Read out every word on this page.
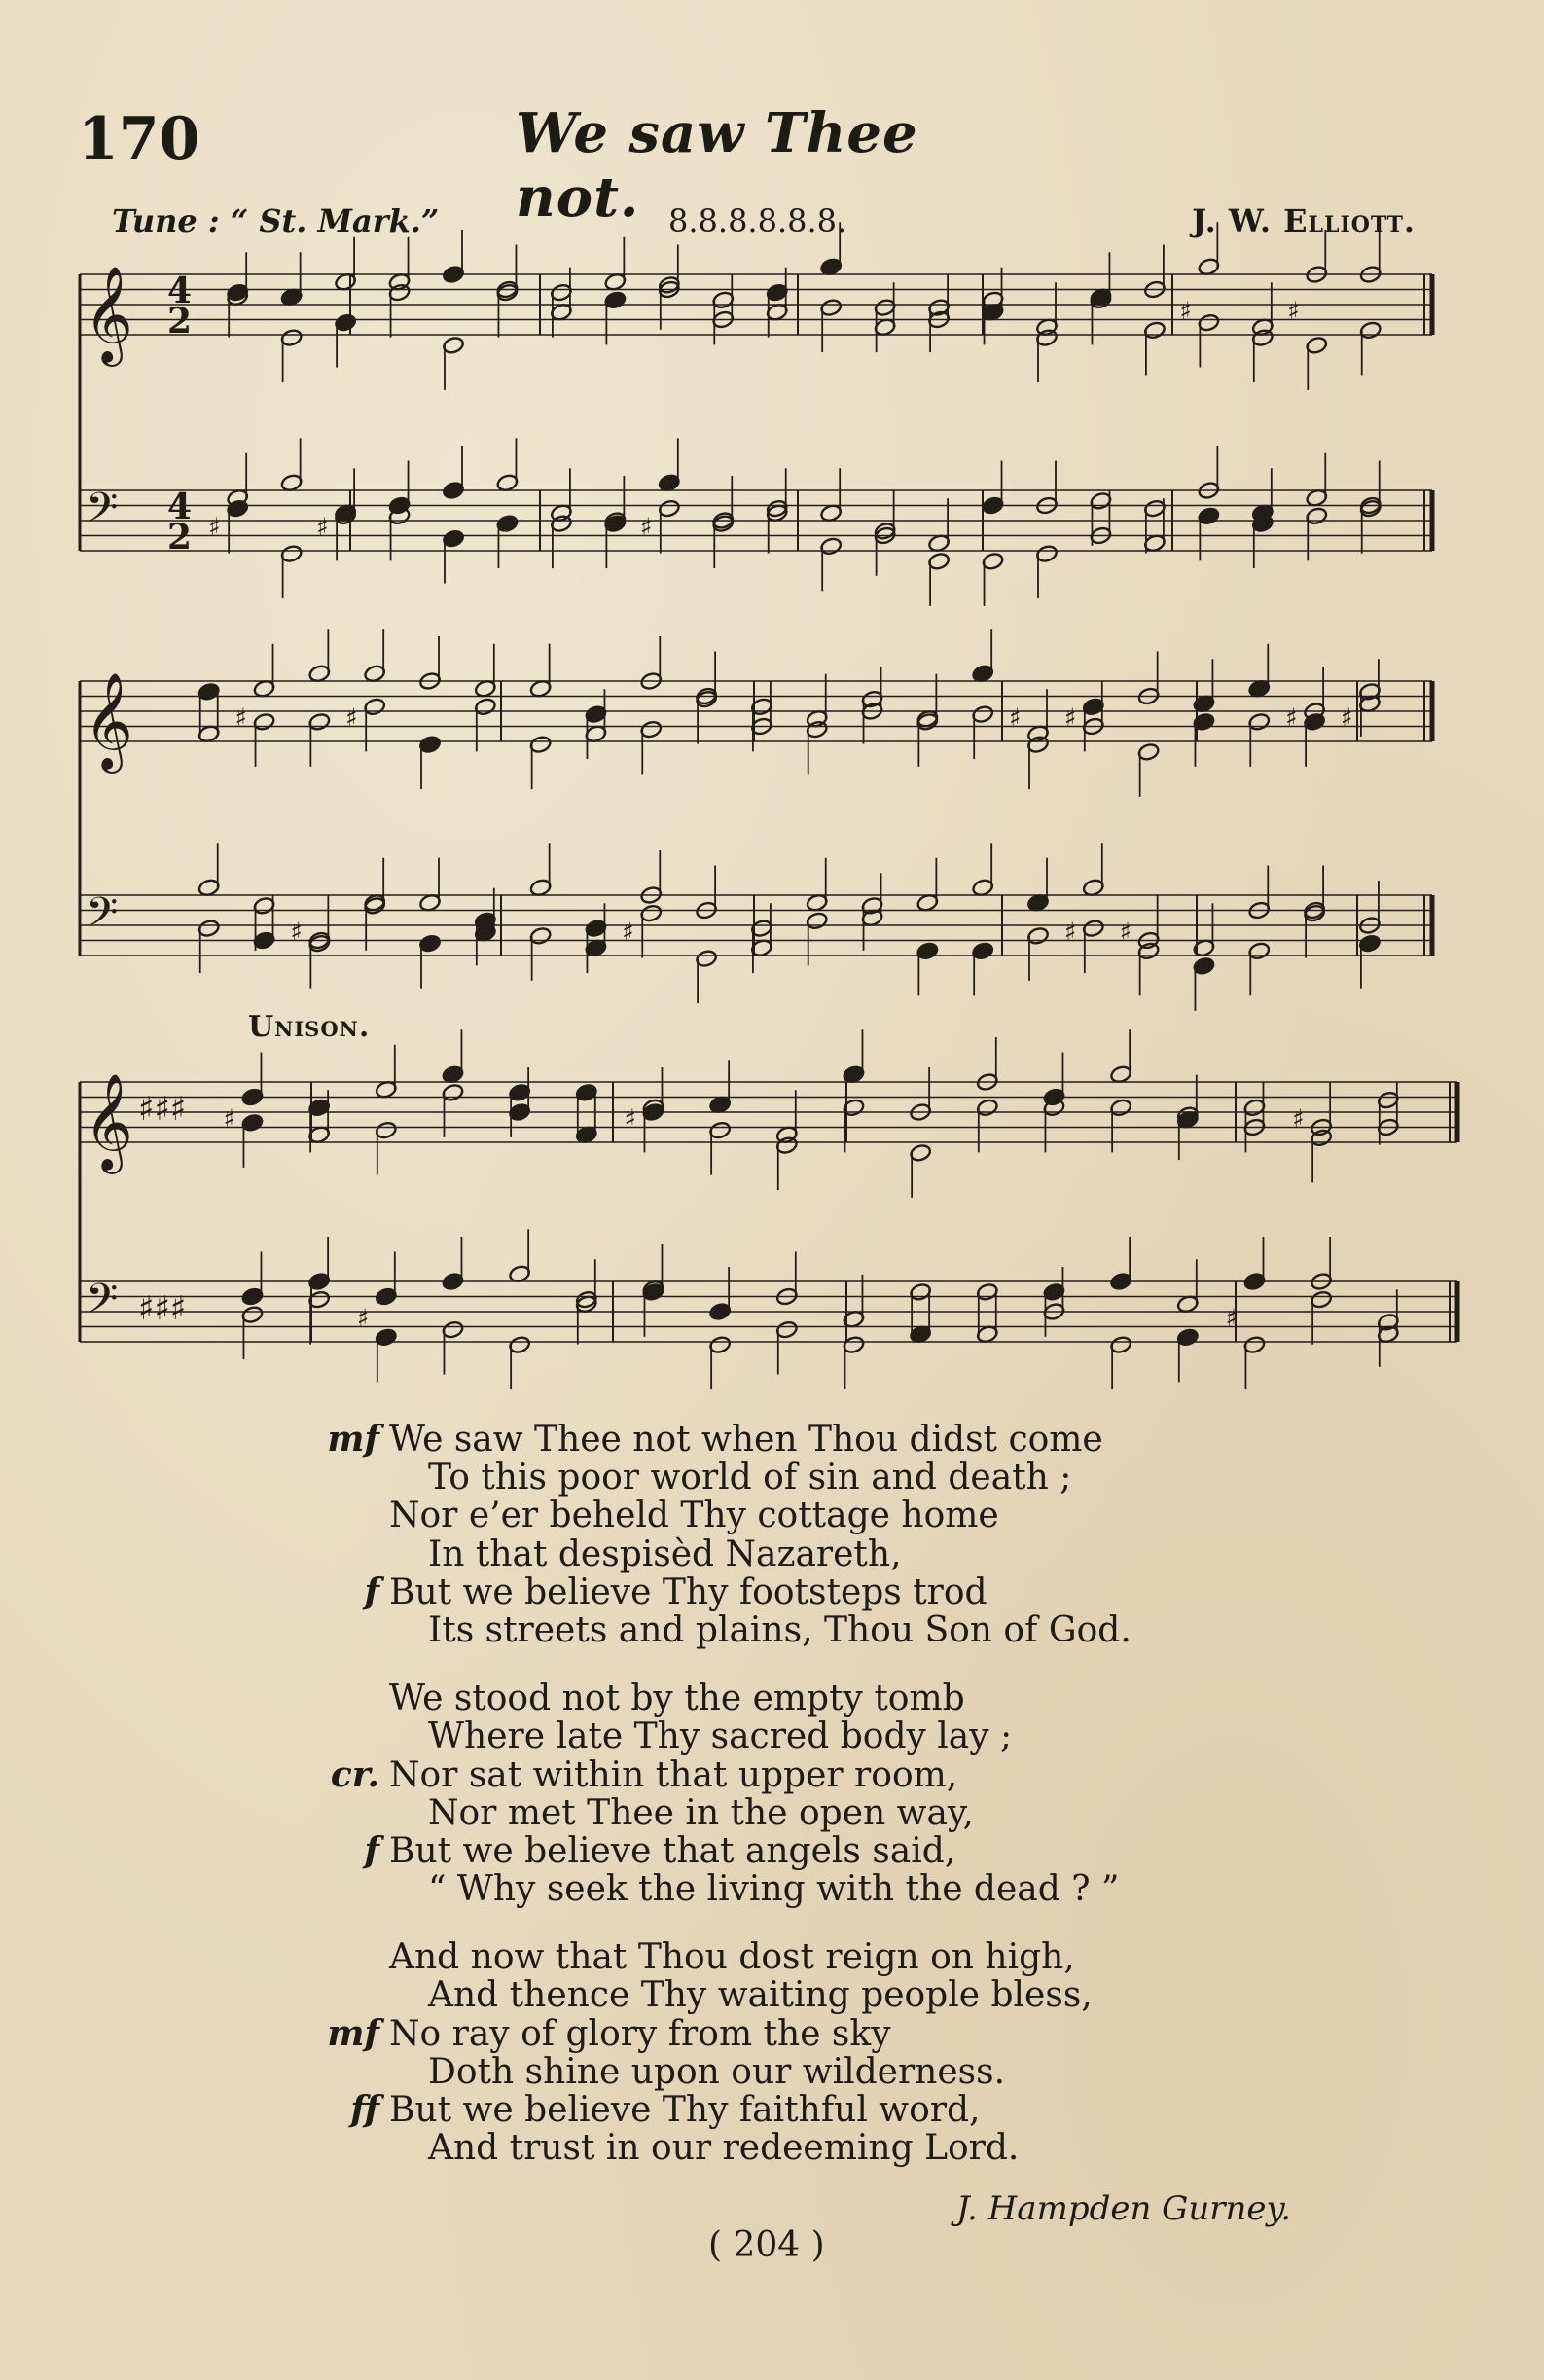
170	We saw Thee not.
Tune : “ St. Mark.”	8.8.8.8.8.8.	J. W. Elliott.
𝄞 4
2
𝄢 4
2
♯	♯
♯	♯	♯
𝄞
𝄢
♯	♯	♯ ♯	♯ ♯
♯	♯	♯ ♯
𝄞 ♯♯♯
𝄢 ♯♯♯
♯	♯	♯
♯	♯
Unison.
mf We saw Thee not when Thou didst come
To this poor world of sin and death ;
Nor e’er beheld Thy cottage home
In that despisèd Nazareth,
f But we believe Thy footsteps trod
Its streets and plains, Thou Son of God.
We stood not by the empty tomb
Where late Thy sacred body lay ;
cr. Nor sat within that upper room,
Nor met Thee in the open way,
f But we believe that angels said,
“ Why seek the living with the dead ? ”
And now that Thou dost reign on high,
And thence Thy waiting people bless,
mf No ray of glory from the sky
Doth shine upon our wilderness.
ff But we believe Thy faithful word,
And trust in our redeeming Lord.
J. Hampden Gurney.
( 204 )
